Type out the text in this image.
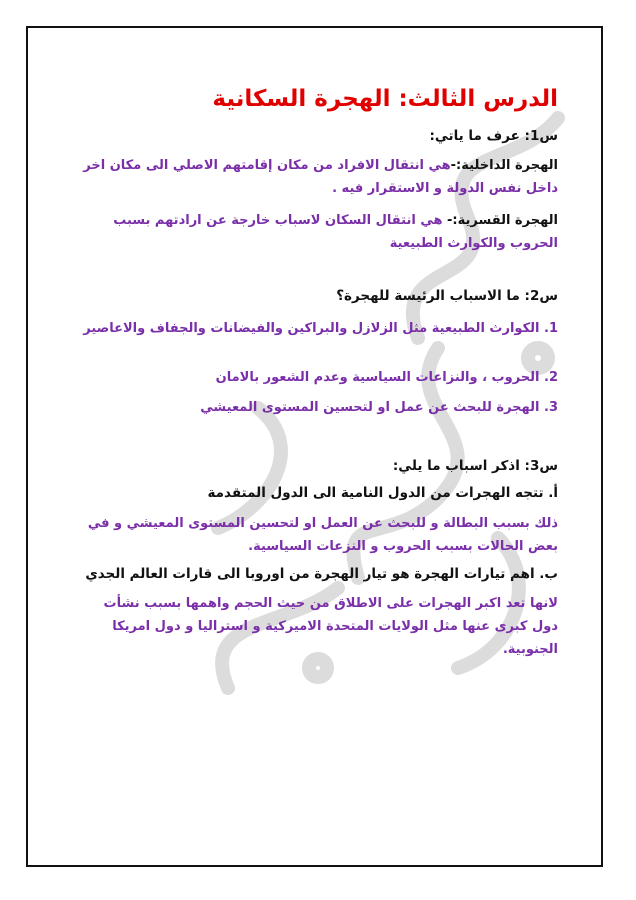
الدرس الثالث: الهجرة السكانية
س1: عرف ما ياتي:
الهجرة الداخلية:-هي انتقال الافراد من مكان إقامتهم الاصلي الى مكان اخر داخل نفس الدولة و الاستقرار فيه .
الهجرة القسرية:- هي انتقال السكان لاسباب خارجة عن ارادتهم بسبب الحروب والكوارث الطبيعية
س2: ما الاسباب الرئيسة للهجرة؟
1. الكوارث الطبيعية مثل الزلازل والبراكين والفيضانات والجفاف والاعاصير
2. الحروب ، والنزاعات السياسية وعدم الشعور بالامان
3. الهجرة للبحث عن عمل او لتحسين المستوى المعيشي
س3: اذكر اسباب ما يلي:
أ. تتجه الهجرات من الدول النامية الى الدول المتقدمة
ذلك بسبب البطالة و للبحث عن العمل او لتحسين المستوى المعيشي و في بعض الحالات بسبب الحروب و النزعات السياسية.
ب. اهم تيارات الهجرة هو تيار الهجرة من اوروبا الى قارات العالم الجدي
لانها تعد اكبر الهجرات على الاطلاق من حيث الحجم واهمها بسبب نشأت دول كبرى عنها مثل الولايات المتحدة الاميركية و استراليا و دول امريكا الجنوبية.
